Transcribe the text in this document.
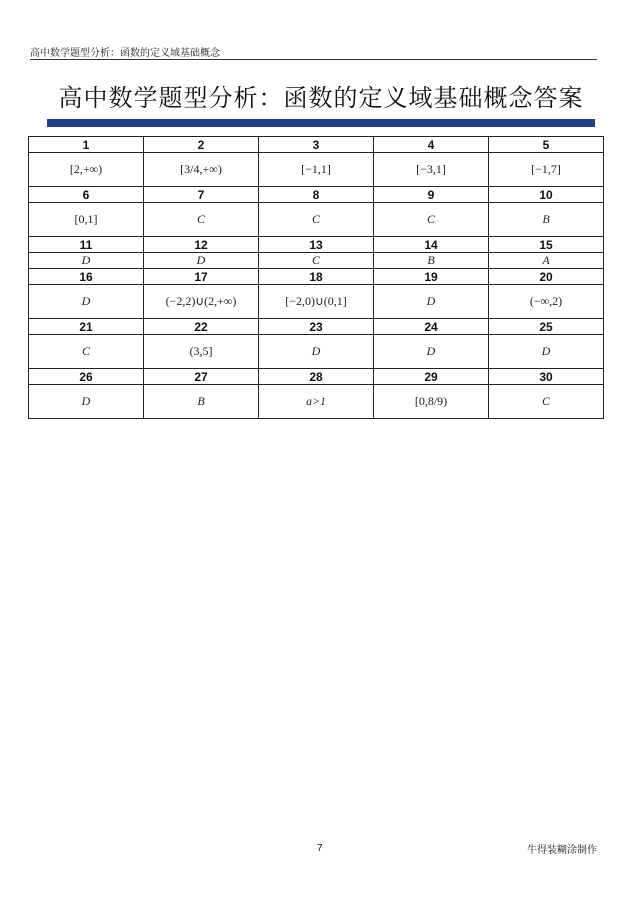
高中数学题型分析：函数的定义域基础概念
高中数学题型分析：函数的定义域基础概念答案
1	2	3	4	5
[2,+∞)	[3/4,+∞)	[−1,1]	[−3,1]	[−1,7]
6	7	8	9	10
[0,1]	C	C	C	B
11	12	13	14	15
D	D	C	B	A
16	17	18	19	20
D	(−2,2)∪(2,+∞)	[−2,0)∪(0,1]	D	(−∞,2)
21	22	23	24	25
C	(3,5]	D	D	D
26	27	28	29	30
D	B	a>1	[0,8/9)	C
7	牛得装糊涂制作
